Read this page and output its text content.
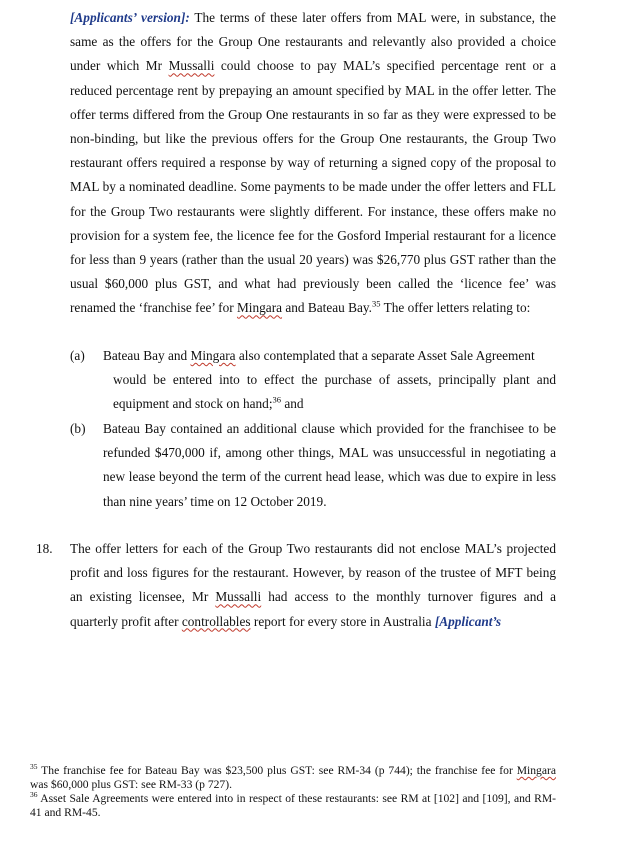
[Applicants’ version]: The terms of these later offers from MAL were, in substance, the same as the offers for the Group One restaurants and relevantly also provided a choice under which Mr Mussalli could choose to pay MAL’s specified percentage rent or a reduced percentage rent by prepaying an amount specified by MAL in the offer letter. The offer terms differed from the Group One restaurants in so far as they were expressed to be non-binding, but like the previous offers for the Group One restaurants, the Group Two restaurant offers required a response by way of returning a signed copy of the proposal to MAL by a nominated deadline. Some payments to be made under the offer letters and FLL for the Group Two restaurants were slightly different. For instance, these offers make no provision for a system fee, the licence fee for the Gosford Imperial restaurant for a licence for less than 9 years (rather than the usual 20 years) was $26,770 plus GST rather than the usual $60,000 plus GST, and what had previously been called the ‘licence fee’ was renamed the ‘franchise fee’ for Mingara and Bateau Bay.$^{35}$ The offer letters relating to:

(a)	Bateau Bay and Mingara also contemplated that a separate Asset Sale Agreement
would be entered into to effect the purchase of assets, principally plant and equipment and stock on hand;$^{36}$ and
(b)	Bateau Bay contained an additional clause which provided for the franchisee to be refunded $470,000 if, among other things, MAL was unsuccessful in negotiating a new lease beyond the term of the current head lease, which was due to expire in less than nine years’ time on 12 October 2019.
18. The offer letters for each of the Group Two restaurants did not enclose MAL’s projected profit and loss figures for the restaurant. However, by reason of the trustee of MFT being an existing licensee, Mr Mussalli had access to the monthly turnover figures and a quarterly profit after controllables report for every store in Australia [Applicant’s

$^{35}$ The franchise fee for Bateau Bay was $23,500 plus GST: see RM-34 (p 744); the franchise fee for Mingara was $60,000 plus GST: see RM-33 (p 727).
$^{36}$ Asset Sale Agreements were entered into in respect of these restaurants: see RM at [102] and [109], and RM-41 and RM-45.
